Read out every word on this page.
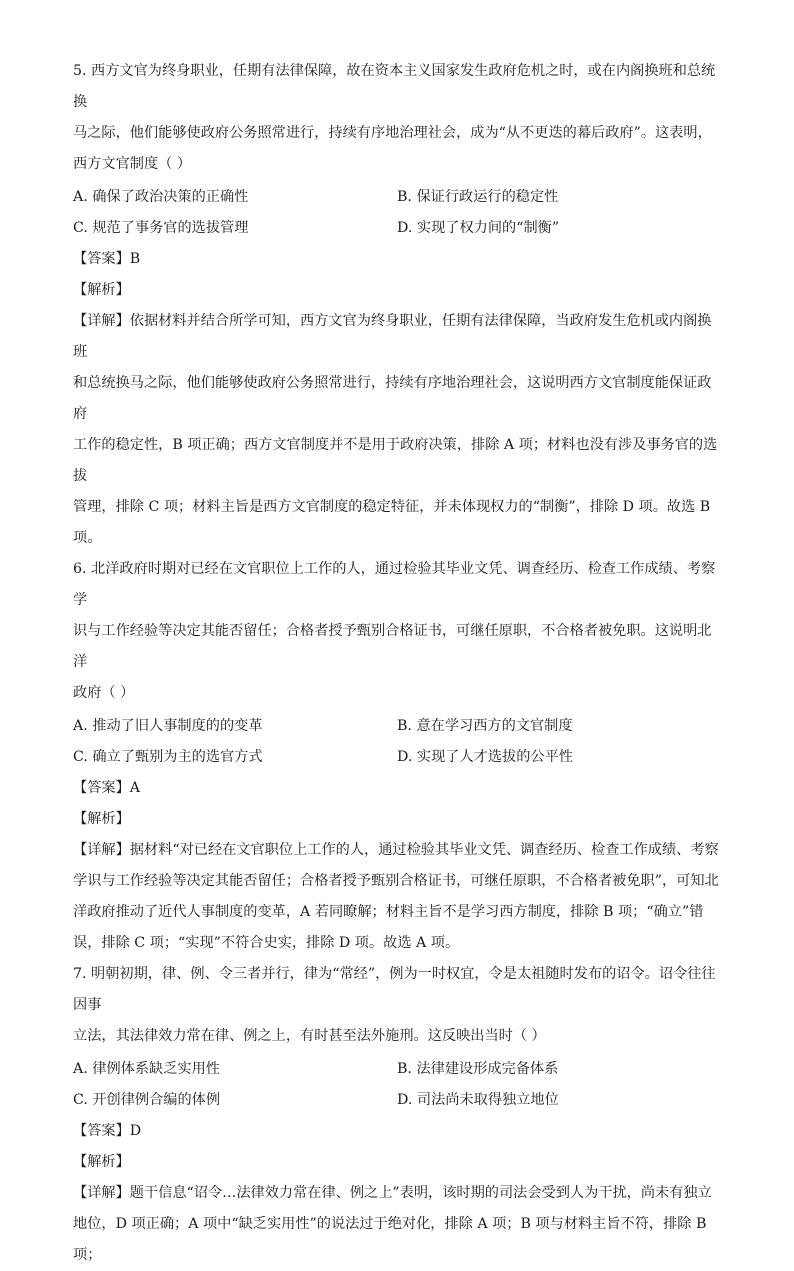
5. 西方文官为终身职业，任期有法律保障，故在资本主义国家发生政府危机之时，或在内阁换班和总统换
马之际，他们能够使政府公务照常进行，持续有序地治理社会，成为“从不更迭的幕后政府”。这表明，
西方文官制度（ ）
A. 确保了政治决策的正确性	B. 保证行政运行的稳定性
C. 规范了事务官的选拔管理	D. 实现了权力间的“制衡”
【答案】B
【解析】
【详解】依据材料并结合所学可知，西方文官为终身职业，任期有法律保障，当政府发生危机或内阁换班
和总统换马之际，他们能够使政府公务照常进行，持续有序地治理社会，这说明西方文官制度能保证政府
工作的稳定性，B 项正确；西方文官制度并不是用于政府决策，排除 A 项；材料也没有涉及事务官的选拔
管理，排除 C 项；材料主旨是西方文官制度的稳定特征，并未体现权力的“制衡”，排除 D 项。故选 B
项。
6. 北洋政府时期对已经在文官职位上工作的人，通过检验其毕业文凭、调查经历、检查工作成绩、考察学
识与工作经验等决定其能否留任；合格者授予甄别合格证书，可继任原职，不合格者被免职。这说明北洋
政府（ ）
A. 推动了旧人事制度的的变革	B. 意在学习西方的文官制度
C. 确立了甄别为主的选官方式	D. 实现了人才选拔的公平性
【答案】A
【解析】
【详解】据材料“对已经在文官职位上工作的人，通过检验其毕业文凭、调查经历、检查工作成绩、考察
学识与工作经验等决定其能否留任；合格者授予甄别合格证书，可继任原职，不合格者被免职”，可知北
洋政府推动了近代人事制度的变革，A 若同瞭解；材料主旨不是学习西方制度，排除 B 项；“确立”错
误，排除 C 项；“实现”不符合史实，排除 D 项。故选 A 项。
7. 明朝初期，律、例、令三者并行，律为“常经”，例为一时权宜，令是太祖随时发布的诏令。诏令往往因事
立法，其法律效力常在律、例之上，有时甚至法外施刑。这反映出当时（ ）
A. 律例体系缺乏实用性	B. 法律建设形成完备体系
C. 开创律例合编的体例	D. 司法尚未取得独立地位
【答案】D
【解析】
【详解】题干信息“诏令…法律效力常在律、例之上”表明，该时期的司法会受到人为干扰，尚未有独立
地位，D 项正确；A 项中“缺乏实用性”的说法过于绝对化，排除 A 项；B 项与材料主旨不符，排除 B 项；
